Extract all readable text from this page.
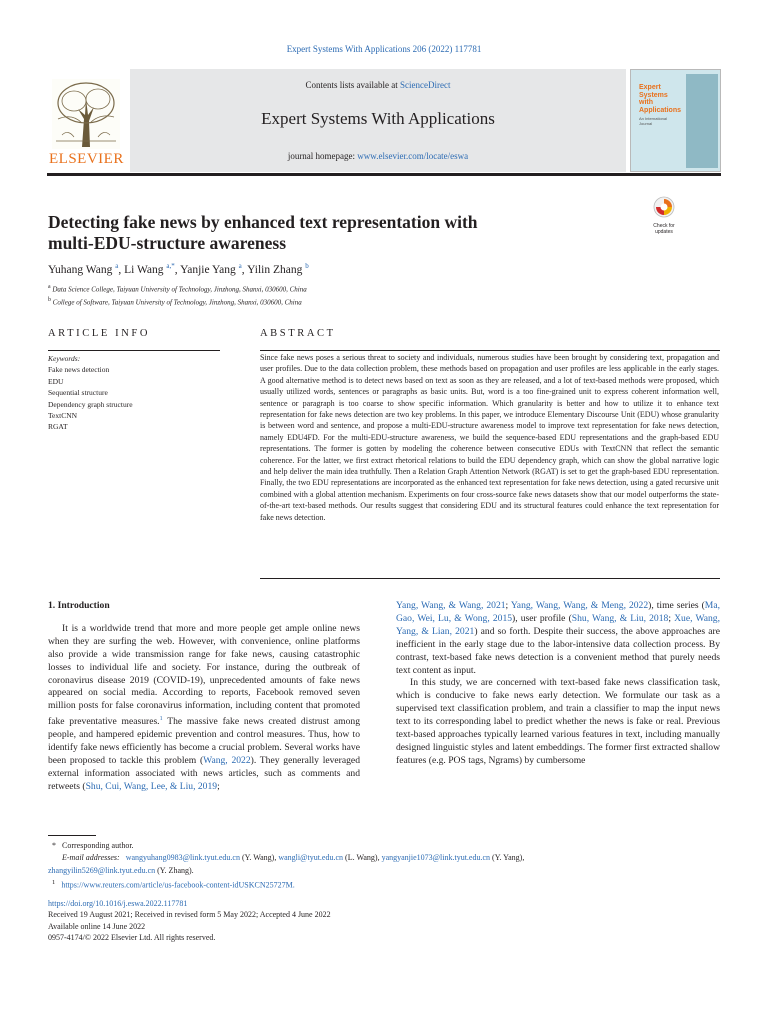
Expert Systems With Applications 206 (2022) 117781
ELSEVIER
Contents lists available at ScienceDirect
Expert Systems With Applications
journal homepage: www.elsevier.com/locate/eswa
Expert
Systems
with
Applications
An International
Journal
Check for updates
Detecting fake news by enhanced text representation with
multi-EDU-structure awareness
Yuhang Wang $^a$, Li Wang $^{a,*}$, Yanjie Yang $^a$, Yilin Zhang $^b$
$^a$ Data Science College, Taiyuan University of Technology, Jinzhong, Shanxi, 030600, China
$^b$ College of Software, Taiyuan University of Technology, Jinzhong, Shanxi, 030600, China
ARTICLE INFO	ABSTRACT
Keywords:
Fake news detection
EDU
Sequential structure
Dependency graph structure
TextCNN
RGAT
Since fake news poses a serious threat to society and individuals, numerous studies have been brought by considering text, propagation and user profiles. Due to the data collection problem, these methods based on propagation and user profiles are less applicable in the early stages. A good alternative method is to detect news based on text as soon as they are released, and a lot of text-based methods were proposed, which usually utilized words, sentences or paragraphs as basic units. But, word is a too fine-grained unit to express coherent information well, sentence or paragraph is too coarse to show specific information. Which granularity is better and how to utilize it to enhance text representation for fake news detection are two key problems. In this paper, we introduce Elementary Discourse Unit (EDU) whose granularity is between word and sentence, and propose a multi-EDU-structure awareness model to improve text representation for fake news detection, namely EDU4FD. For the multi-EDU-structure awareness, we build the sequence-based EDU representations and the graph-based EDU representations. The former is gotten by modeling the coherence between consecutive EDUs with TextCNN that reflect the semantic coherence. For the latter, we first extract rhetorical relations to build the EDU dependency graph, which can show the global narrative logic and help deliver the main idea truthfully. Then a Relation Graph Attention Network (RGAT) is set to get the graph-based EDU representation. Finally, the two EDU representations are incorporated as the enhanced text representation for fake news detection, using a gated recursive unit combined with a global attention mechanism. Experiments on four cross-source fake news datasets show that our model outperforms the state-of-the-art text-based methods. Our results suggest that considering EDU and its structural features could enhance the text representation for fake news detection.
1. Introduction

It is a worldwide trend that more and more people get ample online news when they are surfing the web. However, with convenience, online platforms also provide a wide transmission range for fake news, causing catastrophic losses to individual life and society. For instance, during the outbreak of coronavirus disease 2019 (COVID-19), unprecedented amounts of fake news appeared on social media. According to reports, Facebook removed seven million posts for false coronavirus information, including content that promoted fake preventative measures.$^1$ The massive fake news created distrust among people, and hampered epidemic prevention and control measures. Thus, how to identify fake news efficiently has become a crucial problem. Several works have been proposed to tackle this problem (Wang, 2022). They generally leveraged external information associated with news articles, such as comments and retweets (Shu, Cui, Wang, Lee, & Liu, 2019;

Yang, Wang, & Wang, 2021; Yang, Wang, Wang, & Meng, 2022), time series (Ma, Gao, Wei, Lu, & Wong, 2015), user profile (Shu, Wang, & Liu, 2018; Xue, Wang, Yang, & Lian, 2021) and so forth. Despite their success, the above approaches are inefficient in the early stage due to the labor-intensive data collection process. By contrast, text-based fake news detection is a convenient method that purely needs text content as input.

In this study, we are concerned with text-based fake news classification task, which is conducive to fake news early detection. We formulate our task as a supervised text classification problem, and train a classifier to map the input news text to its corresponding label to predict whether the news is fake or real. Previous text-based approaches typically learned various features in text, including manually designed linguistic styles and latent embeddings. The former first extracted shallow features (e.g. POS tags, Ngrams) by cumbersome

* Corresponding author.
E-mail addresses: wangyuhang0983@link.tyut.edu.cn (Y. Wang), wangli@tyut.edu.cn (L. Wang), yangyanjie1073@link.tyut.edu.cn (Y. Yang),
zhangyilin5269@link.tyut.edu.cn (Y. Zhang).
$^1$ https://www.reuters.com/article/us-facebook-content-idUSKCN25727M.
https://doi.org/10.1016/j.eswa.2022.117781
Received 19 August 2021; Received in revised form 5 May 2022; Accepted 4 June 2022
Available online 14 June 2022
0957-4174/© 2022 Elsevier Ltd. All rights reserved.
